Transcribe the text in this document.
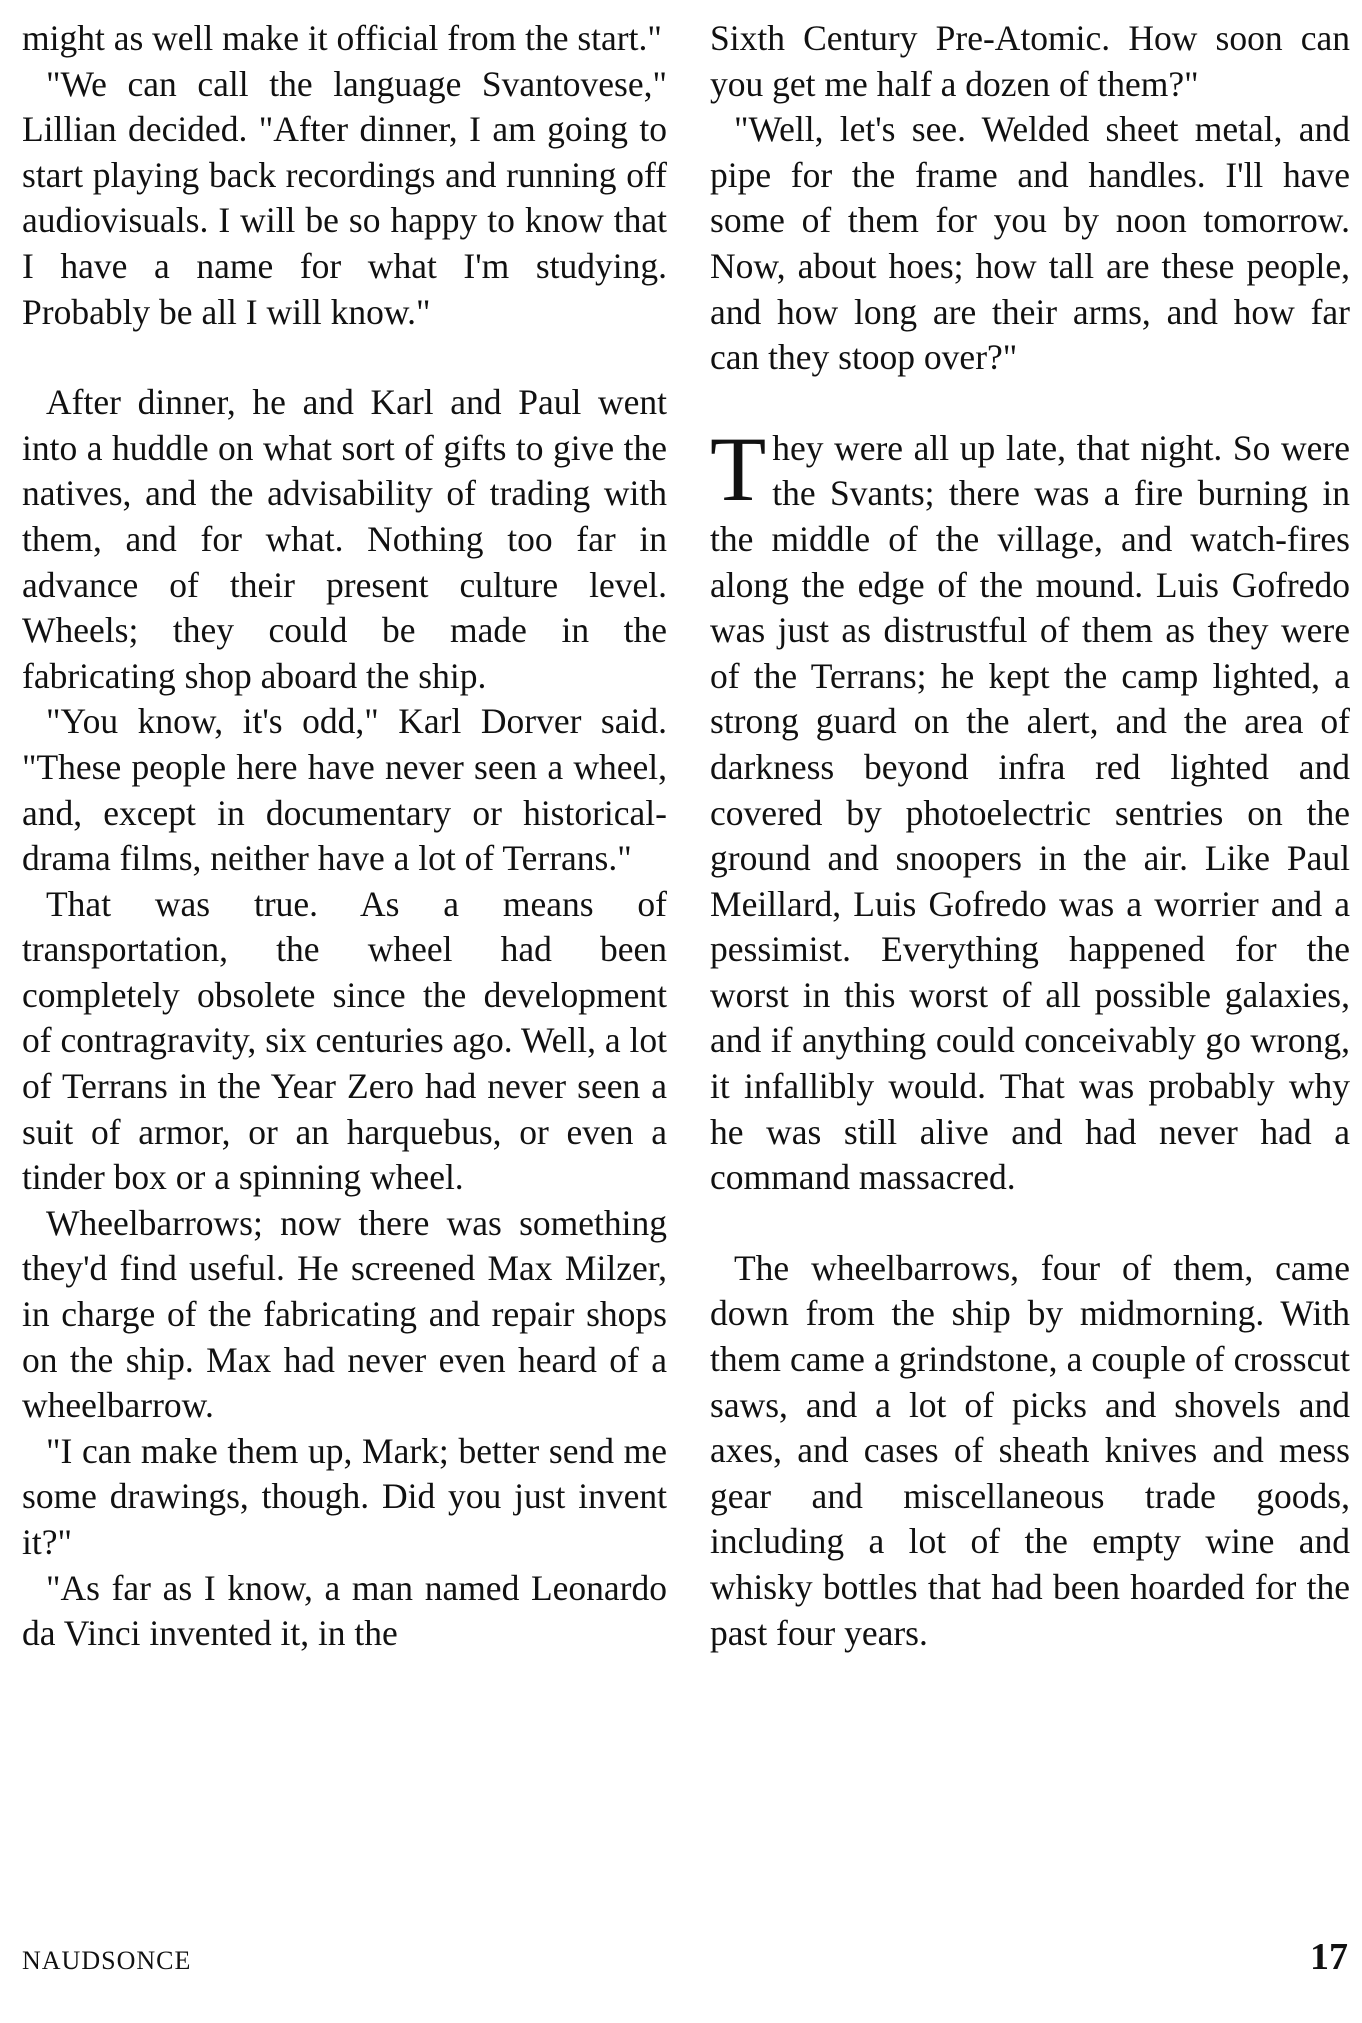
might as well make it official from the start."

"We can call the language Svantovese," Lillian decided. "After dinner, I am going to start playing back recordings and running off audiovisuals. I will be so happy to know that I have a name for what I'm studying. Probably be all I will know."

After dinner, he and Karl and Paul went into a huddle on what sort of gifts to give the natives, and the advisability of trading with them, and for what. Nothing too far in advance of their present culture level. Wheels; they could be made in the fabricating shop aboard the ship.

"You know, it's odd," Karl Dorver said. "These people here have never seen a wheel, and, except in documentary or historical-drama films, neither have a lot of Terrans."

That was true. As a means of transportation, the wheel had been completely obsolete since the development of contragravity, six centuries ago. Well, a lot of Terrans in the Year Zero had never seen a suit of armor, or an harquebus, or even a tinder box or a spinning wheel.

Wheelbarrows; now there was something they'd find useful. He screened Max Milzer, in charge of the fabricating and repair shops on the ship. Max had never even heard of a wheelbarrow.

"I can make them up, Mark; better send me some drawings, though. Did you just invent it?"

"As far as I know, a man named Leonardo da Vinci invented it, in the

Sixth Century Pre-Atomic. How soon can you get me half a dozen of them?"

"Well, let's see. Welded sheet metal, and pipe for the frame and handles. I'll have some of them for you by noon tomorrow. Now, about hoes; how tall are these people, and how long are their arms, and how far can they stoop over?"

They were all up late, that night. So were the Svants; there was a fire burning in the middle of the village, and watch-fires along the edge of the mound. Luis Gofredo was just as distrustful of them as they were of the Terrans; he kept the camp lighted, a strong guard on the alert, and the area of darkness beyond infra red lighted and covered by photoelectric sentries on the ground and snoopers in the air. Like Paul Meillard, Luis Gofredo was a worrier and a pessimist. Everything happened for the worst in this worst of all possible galaxies, and if anything could conceivably go wrong, it infallibly would. That was probably why he was still alive and had never had a command massacred.

The wheelbarrows, four of them, came down from the ship by midmorning. With them came a grindstone, a couple of crosscut saws, and a lot of picks and shovels and axes, and cases of sheath knives and mess gear and miscellaneous trade goods, including a lot of the empty wine and whisky bottles that had been hoarded for the past four years.

NAUDSONCE	17
